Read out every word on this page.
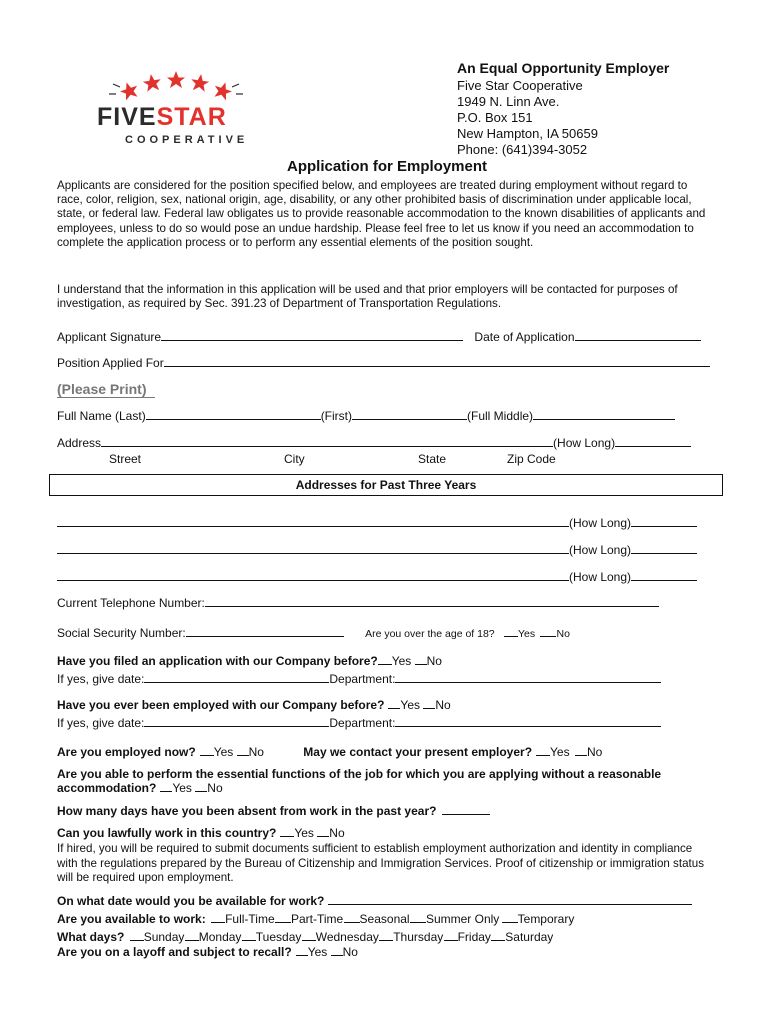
FIVESTAR
COOPERATIVE
An Equal Opportunity Employer
Five Star Cooperative
1949 N. Linn Ave.
P.O. Box 151
New Hampton, IA 50659
Phone: (641)394-3052
Application for Employment
Applicants are considered for the position specified below, and employees are treated during employment without regard to race, color, religion, sex, national origin, age, disability, or any other prohibited basis of discrimination under applicable local, state, or federal law. Federal law obligates us to provide reasonable accommodation to the known disabilities of applicants and employees, unless to do so would pose an undue hardship. Please feel free to let us know if you need an accommodation to complete the application process or to perform any essential elements of the position sought.
I understand that the information in this application will be used and that prior employers will be contacted for purposes of investigation, as required by Sec. 391.23 of Department of Transportation Regulations.
Applicant Signature	Date of Application
Position Applied For
(Please Print)
Full Name (Last)	(First)	(Full Middle)
Address	(How Long)
Street	City	State	Zip Code
Addresses for Past Three Years
(How Long)
(How Long)
(How Long)
Current Telephone Number:
Social Security Number:	Are you over the age of 18? Yes No
Have you filed an application with our Company before? Yes No
If yes, give date:	Department:
Have you ever been employed with our Company before? Yes No
If yes, give date:	Department:
Are you employed now? Yes No	May we contact your present employer? Yes No
Are you able to perform the essential functions of the job for which you are applying without a reasonable
accommodation? Yes No
How many days have you been absent from work in the past year?
Can you lawfully work in this country? Yes No
If hired, you will be required to submit documents sufficient to establish employment authorization and identity in compliance with the regulations prepared by the Bureau of Citizenship and Immigration Services. Proof of citizenship or immigration status will be required upon employment.
On what date would you be available for work?
Are you available to work: Full-Time Part-Time Seasonal Summer Only Temporary
What days? Sunday Monday Tuesday Wednesday Thursday Friday Saturday
Are you on a layoff and subject to recall? Yes No
